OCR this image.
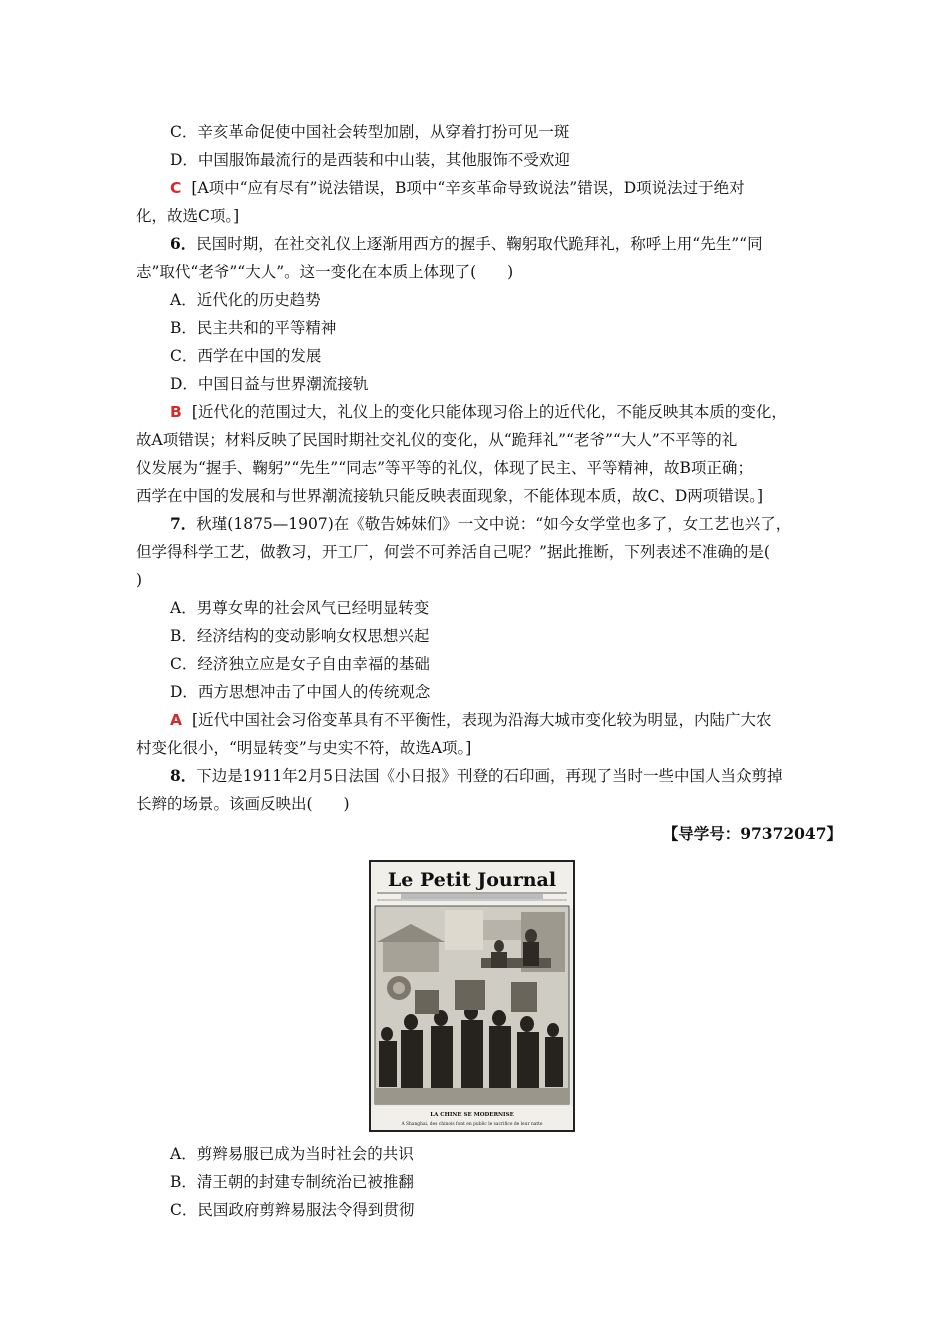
C．辛亥革命促使中国社会转型加剧，从穿着打扮可见一斑
D．中国服饰最流行的是西装和中山装，其他服饰不受欢迎
C [A项中“应有尽有”说法错误，B项中“辛亥革命导致说法”错误，D项说法过于绝对
化，故选C项。]
6．民国时期，在社交礼仪上逐渐用西方的握手、鞠躬取代跪拜礼，称呼上用“先生”“同
志”取代“老爷”“大人”。这一变化在本质上体现了(　　)
A．近代化的历史趋势
B．民主共和的平等精神
C．西学在中国的发展
D．中国日益与世界潮流接轨
B [近代化的范围过大，礼仪上的变化只能体现习俗上的近代化，不能反映其本质的变化，
故A项错误；材料反映了民国时期社交礼仪的变化，从“跪拜礼”“老爷”“大人”不平等的礼
仪发展为“握手、鞠躬”“先生”“同志”等平等的礼仪，体现了民主、平等精神，故B项正确；
西学在中国的发展和与世界潮流接轨只能反映表面现象，不能体现本质，故C、D两项错误。]
7．秋瑾(1875—1907)在《敬告姊妹们》一文中说：“如今女学堂也多了，女工艺也兴了，
但学得科学工艺，做教习，开工厂，何尝不可养活自己呢？”据此推断，下列表述不准确的是(
)
A．男尊女卑的社会风气已经明显转变
B．经济结构的变动影响女权思想兴起
C．经济独立应是女子自由幸福的基础
D．西方思想冲击了中国人的传统观念
A [近代中国社会习俗变革具有不平衡性，表现为沿海大城市变化较为明显，内陆广大农
村变化很小，“明显转变”与史实不符，故选A项。]
8．下边是1911年2月5日法国《小日报》刊登的石印画，再现了当时一些中国人当众剪掉
长辫的场景。该画反映出(　　)
【导学号：97372047】
Le Petit Journal
LA CHINE SE MODERNISE
A Shanghai, des chinois font en public le sacrifice de leur natte
A．剪辫易服已成为当时社会的共识
B．清王朝的封建专制统治已被推翻
C．民国政府剪辫易服法令得到贯彻
